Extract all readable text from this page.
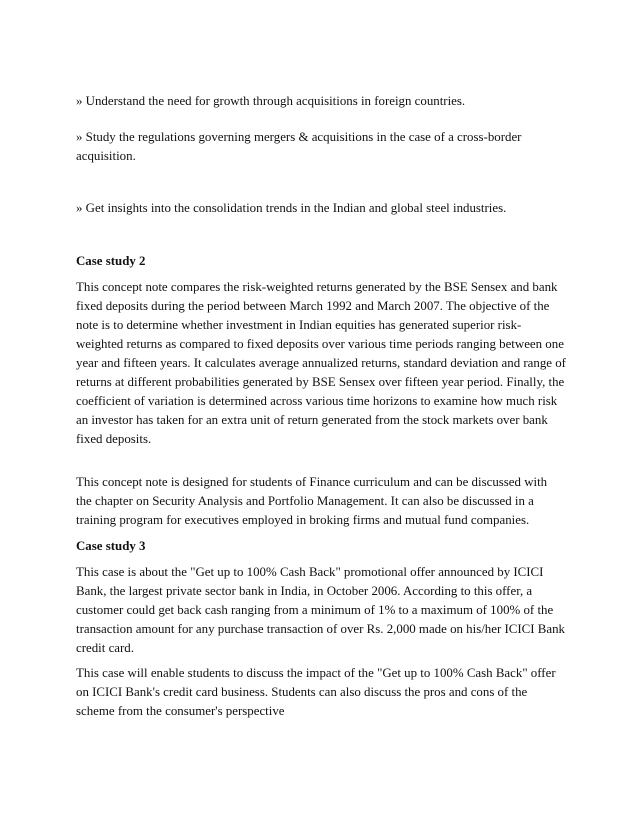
» Understand the need for growth through acquisitions in foreign countries.

» Study the regulations governing mergers & acquisitions in the case of a cross-border acquisition.

» Get insights into the consolidation trends in the Indian and global steel industries.

Case study 2

This concept note compares the risk-weighted returns generated by the BSE Sensex and bank fixed deposits during the period between March 1992 and March 2007. The objective of the note is to determine whether investment in Indian equities has generated superior risk-weighted returns as compared to fixed deposits over various time periods ranging between one year and fifteen years. It calculates average annualized returns, standard deviation and range of returns at different probabilities generated by BSE Sensex over fifteen year period. Finally, the coefficient of variation is determined across various time horizons to examine how much risk an investor has taken for an extra unit of return generated from the stock markets over bank fixed deposits.

This concept note is designed for students of Finance curriculum and can be discussed with the chapter on Security Analysis and Portfolio Management. It can also be discussed in a training program for executives employed in broking firms and mutual fund companies.

Case study 3

This case is about the "Get up to 100% Cash Back" promotional offer announced by ICICI Bank, the largest private sector bank in India, in October 2006. According to this offer, a customer could get back cash ranging from a minimum of 1% to a maximum of 100% of the transaction amount for any purchase transaction of over Rs. 2,000 made on his/her ICICI Bank credit card.

This case will enable students to discuss the impact of the "Get up to 100% Cash Back" offer on ICICI Bank's credit card business. Students can also discuss the pros and cons of the scheme from the consumer's perspective
